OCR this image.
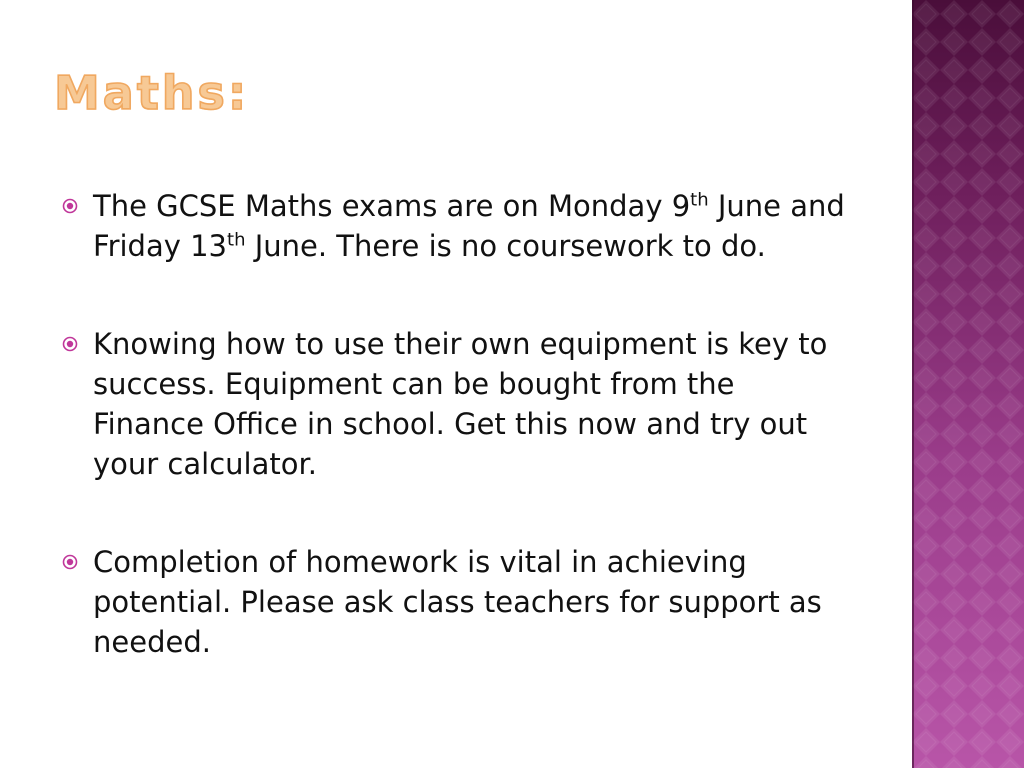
Maths:
The GCSE Maths exams are on Monday 9th June and Friday 13th June. There is no coursework to do.
Knowing how to use their own equipment is key to success. Equipment can be bought from the Finance Office in school. Get this now and try out your calculator.
Completion of homework is vital in achieving potential. Please ask class teachers for support as needed.
